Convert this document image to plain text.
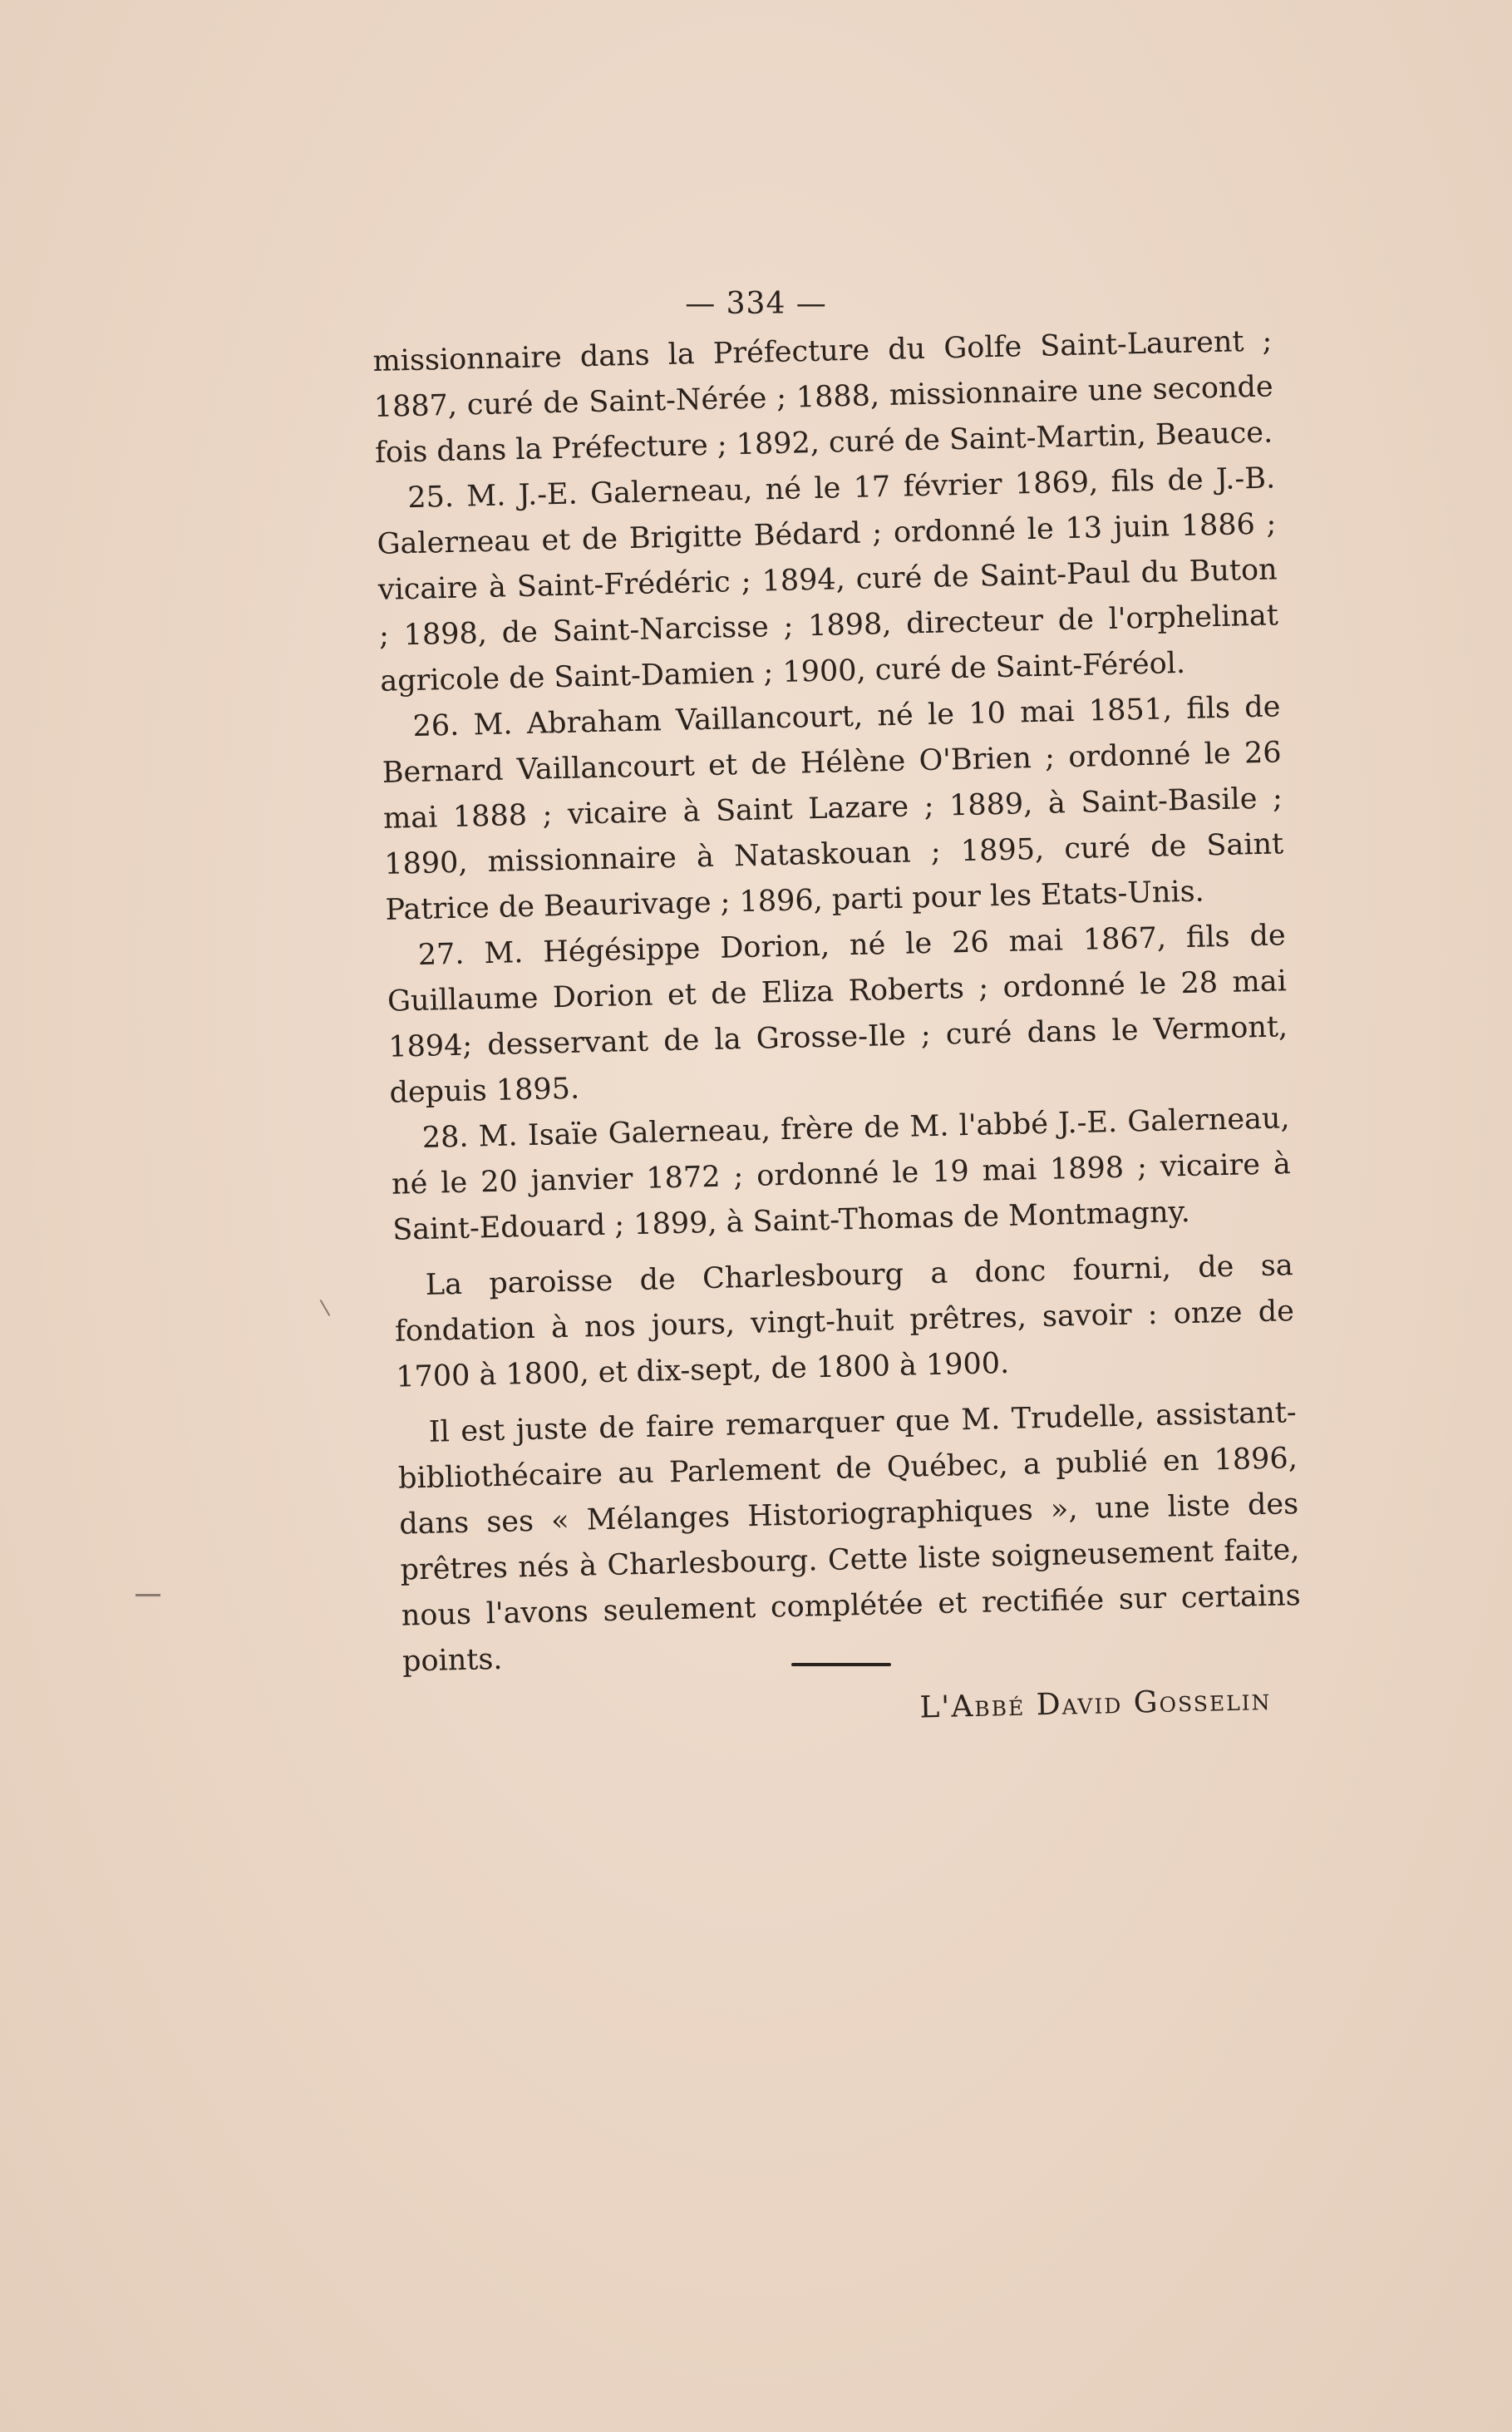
— 334 —

missionnaire dans la Préfecture du Golfe Saint-Laurent ; 1887, curé de Saint-Nérée ; 1888, missionnaire une seconde fois dans la Préfecture ; 1892, curé de Saint-Martin, Beauce.

25. M. J.-E. Galerneau, né le 17 février 1869, fils de J.-B. Galerneau et de Brigitte Bédard ; ordonné le 13 juin 1886 ; vicaire à Saint-Frédéric ; 1894, curé de Saint-Paul du Buton ; 1898, de Saint-Narcisse ; 1898, directeur de l'orphelinat agricole de Saint-Damien ; 1900, curé de Saint-Féréol.

26. M. Abraham Vaillancourt, né le 10 mai 1851, fils de Bernard Vaillancourt et de Hélène O'Brien ; ordonné le 26 mai 1888 ; vicaire à Saint Lazare ; 1889, à Saint-Basile ; 1890, missionnaire à Nataskouan ; 1895, curé de Saint Patrice de Beaurivage ; 1896, parti pour les Etats-Unis.

27. M. Hégésippe Dorion, né le 26 mai 1867, fils de Guillaume Dorion et de Eliza Roberts ; ordonné le 28 mai 1894; desservant de la Grosse-Ile ; curé dans le Vermont, depuis 1895.

28. M. Isaïe Galerneau, frère de M. l'abbé J.-E. Galerneau, né le 20 janvier 1872 ; ordonné le 19 mai 1898 ; vicaire à Saint-Edouard ; 1899, à Saint-Thomas de Montmagny.

La paroisse de Charlesbourg a donc fourni, de sa fondation à nos jours, vingt-huit prêtres, savoir : onze de 1700 à 1800, et dix-sept, de 1800 à 1900.

Il est juste de faire remarquer que M. Trudelle, assistant-bibliothécaire au Parlement de Québec, a publié en 1896, dans ses « Mélanges Historiographiques », une liste des prêtres nés à Charlesbourg. Cette liste soigneusement faite, nous l'avons seulement complétée et rectifiée sur certains points.

L'Abbé David Gosselin
